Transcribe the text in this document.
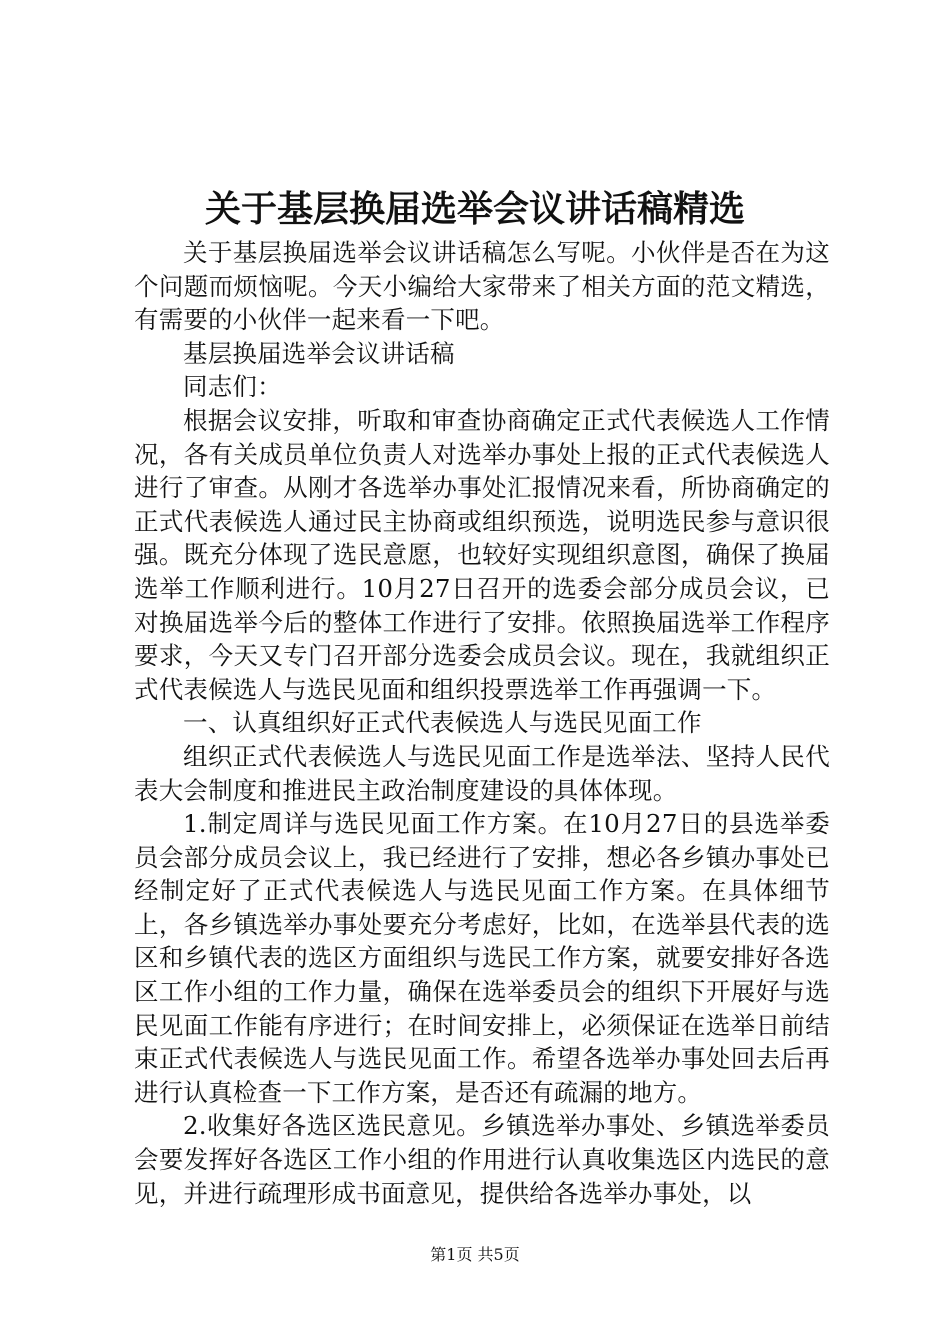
关于基层换届选举会议讲话稿精选

关于基层换届选举会议讲话稿怎么写呢。小伙伴是否在为这个问题而烦恼呢。今天小编给大家带来了相关方面的范文精选，有需要的小伙伴一起来看一下吧。

基层换届选举会议讲话稿

同志们：

根据会议安排，听取和审查协商确定正式代表候选人工作情况，各有关成员单位负责人对选举办事处上报的正式代表候选人进行了审查。从刚才各选举办事处汇报情况来看，所协商确定的正式代表候选人通过民主协商或组织预选，说明选民参与意识很强。既充分体现了选民意愿，也较好实现组织意图，确保了换届选举工作顺利进行。10月27日召开的选委会部分成员会议，已对换届选举今后的整体工作进行了安排。依照换届选举工作程序要求，今天又专门召开部分选委会成员会议。现在，我就组织正式代表候选人与选民见面和组织投票选举工作再强调一下。

一、认真组织好正式代表候选人与选民见面工作

组织正式代表候选人与选民见面工作是选举法、坚持人民代表大会制度和推进民主政治制度建设的具体体现。

1.制定周详与选民见面工作方案。在10月27日的县选举委员会部分成员会议上，我已经进行了安排，想必各乡镇办事处已经制定好了正式代表候选人与选民见面工作方案。在具体细节上，各乡镇选举办事处要充分考虑好，比如，在选举县代表的选区和乡镇代表的选区方面组织与选民工作方案，就要安排好各选区工作小组的工作力量，确保在选举委员会的组织下开展好与选民见面工作能有序进行；在时间安排上，必须保证在选举日前结束正式代表候选人与选民见面工作。希望各选举办事处回去后再进行认真检查一下工作方案，是否还有疏漏的地方。

2.收集好各选区选民意见。乡镇选举办事处、乡镇选举委员会要发挥好各选区工作小组的作用进行认真收集选区内选民的意见，并进行疏理形成书面意见，提供给各选举办事处，以

第1页 共5页
